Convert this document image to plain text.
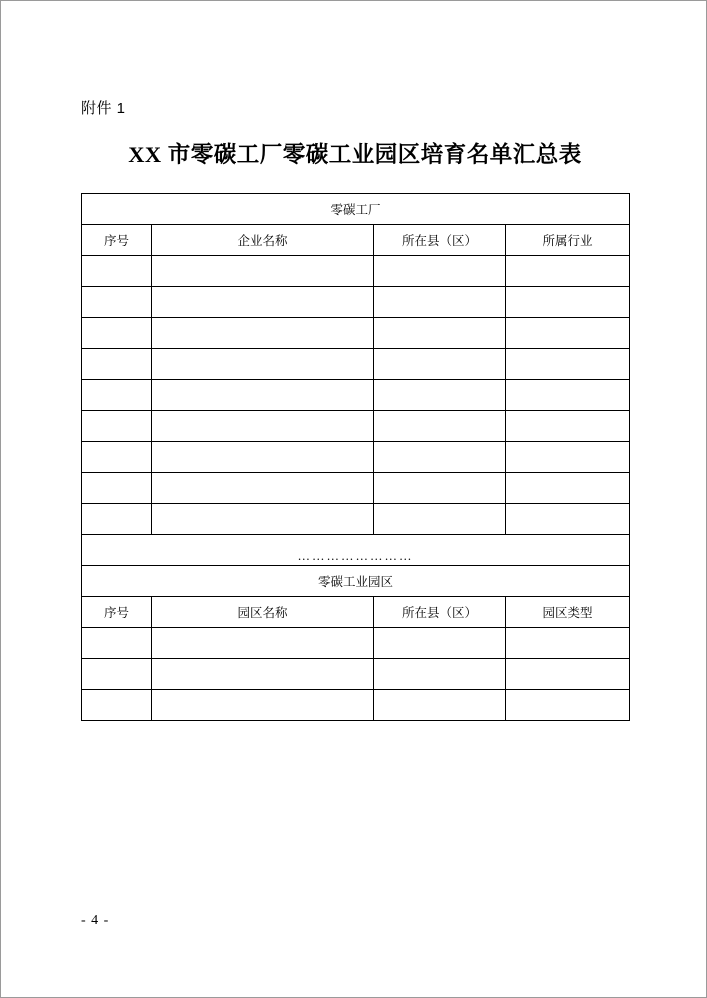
附件 1
XX 市零碳工厂零碳工业园区培育名单汇总表
零碳工厂			
序号	企业名称	所在县（区）	所属行业

……………………			

零碳工业园区			
序号	园区名称	所在县（区）	园区类型

- 4 -
